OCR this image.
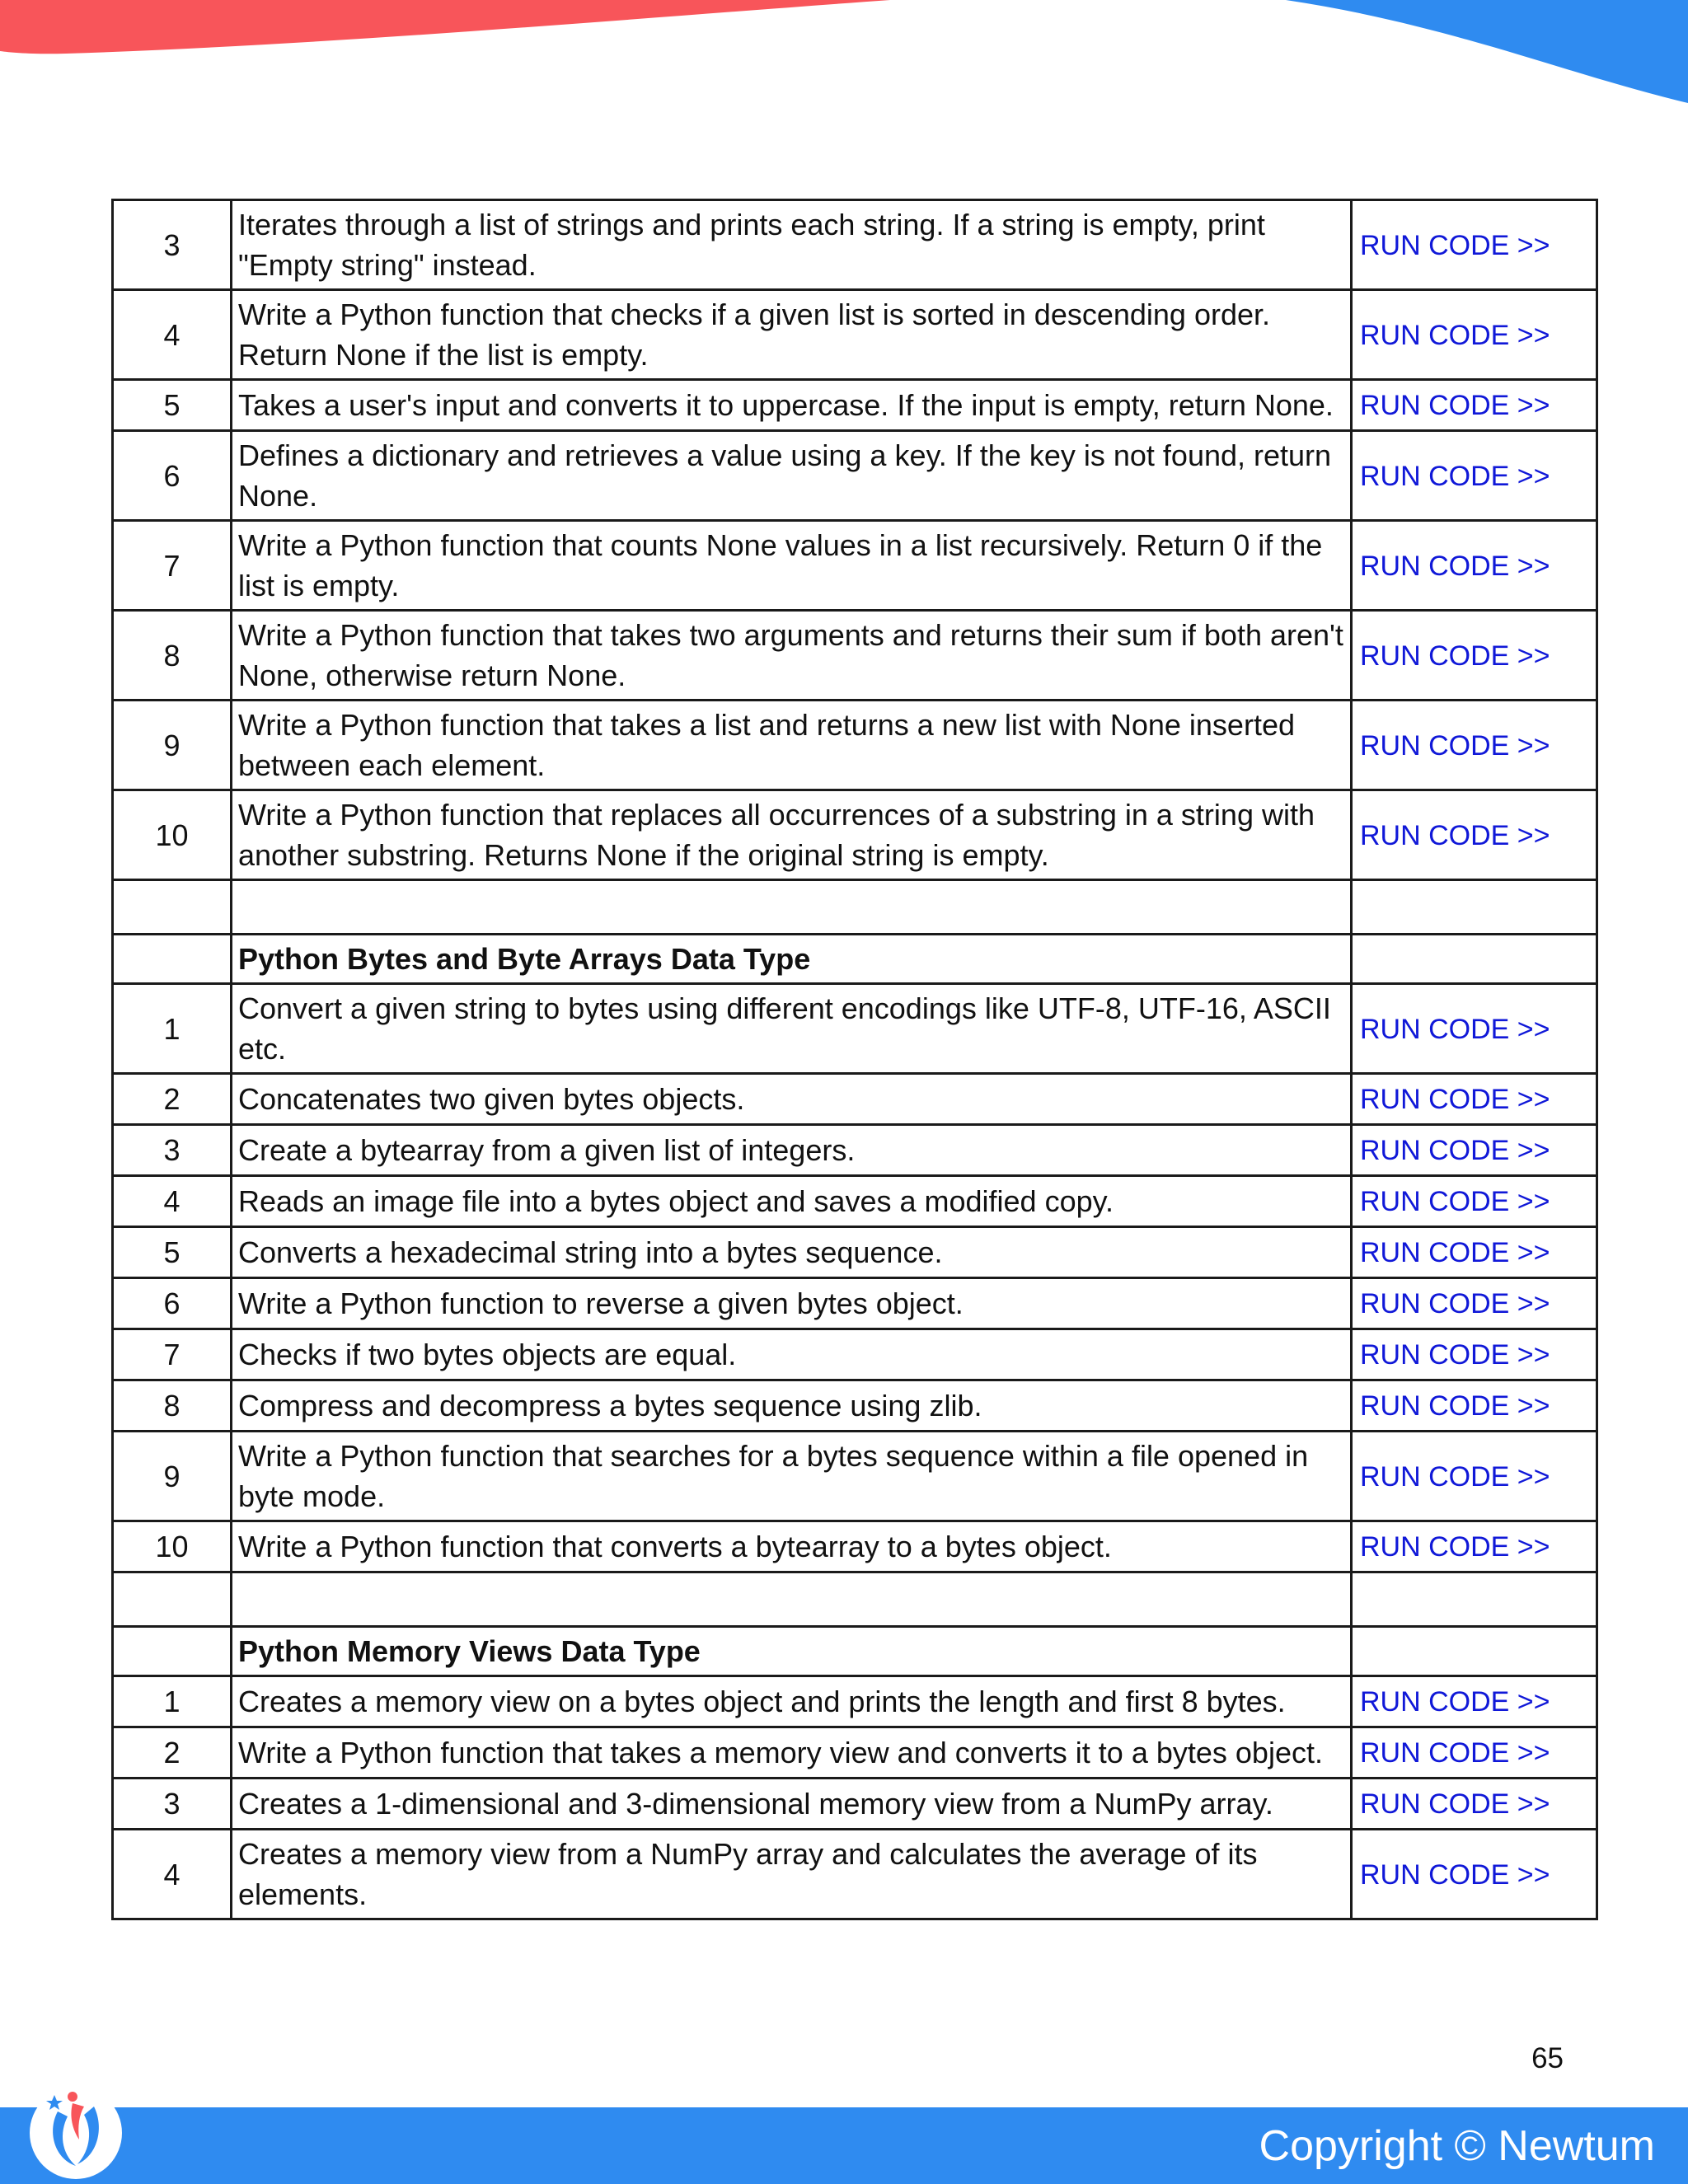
3	Iterates through a list of strings and prints each string. If a string is empty, print "Empty string" instead.	RUN CODE >>
4	Write a Python function that checks if a given list is sorted in descending order. Return None if the list is empty.	RUN CODE >>
5	Takes a user's input and converts it to uppercase. If the input is empty, return None.	RUN CODE >>
6	Defines a dictionary and retrieves a value using a key. If the key is not found, return None.	RUN CODE >>
7	Write a Python function that counts None values in a list recursively. Return 0 if the list is empty.	RUN CODE >>
8	Write a Python function that takes two arguments and returns their sum if both aren't None, otherwise return None.	RUN CODE >>
9	Write a Python function that takes a list and returns a new list with None inserted between each element.	RUN CODE >>
10	Write a Python function that replaces all occurrences of a substring in a string with another substring. Returns None if the original string is empty.	RUN CODE >>

	Python Bytes and Byte Arrays Data Type	
1	Convert a given string to bytes using different encodings like UTF-8, UTF-16, ASCII etc.	RUN CODE >>
2	Concatenates two given bytes objects.	RUN CODE >>
3	Create a bytearray from a given list of integers.	RUN CODE >>
4	Reads an image file into a bytes object and saves a modified copy.	RUN CODE >>
5	Converts a hexadecimal string into a bytes sequence.	RUN CODE >>
6	Write a Python function to reverse a given bytes object.	RUN CODE >>
7	Checks if two bytes objects are equal.	RUN CODE >>
8	Compress and decompress a bytes sequence using zlib.	RUN CODE >>
9	Write a Python function that searches for a bytes sequence within a file opened in byte mode.	RUN CODE >>
10	Write a Python function that converts a bytearray to a bytes object.	RUN CODE >>

	Python Memory Views Data Type	
1	Creates a memory view on a bytes object and prints the length and first 8 bytes.	RUN CODE >>
2	Write a Python function that takes a memory view and converts it to a bytes object.	RUN CODE >>
3	Creates a 1-dimensional and 3-dimensional memory view from a NumPy array.	RUN CODE >>
4	Creates a memory view from a NumPy array and calculates the average of its elements.	RUN CODE >>
65
Copyright © Newtum
